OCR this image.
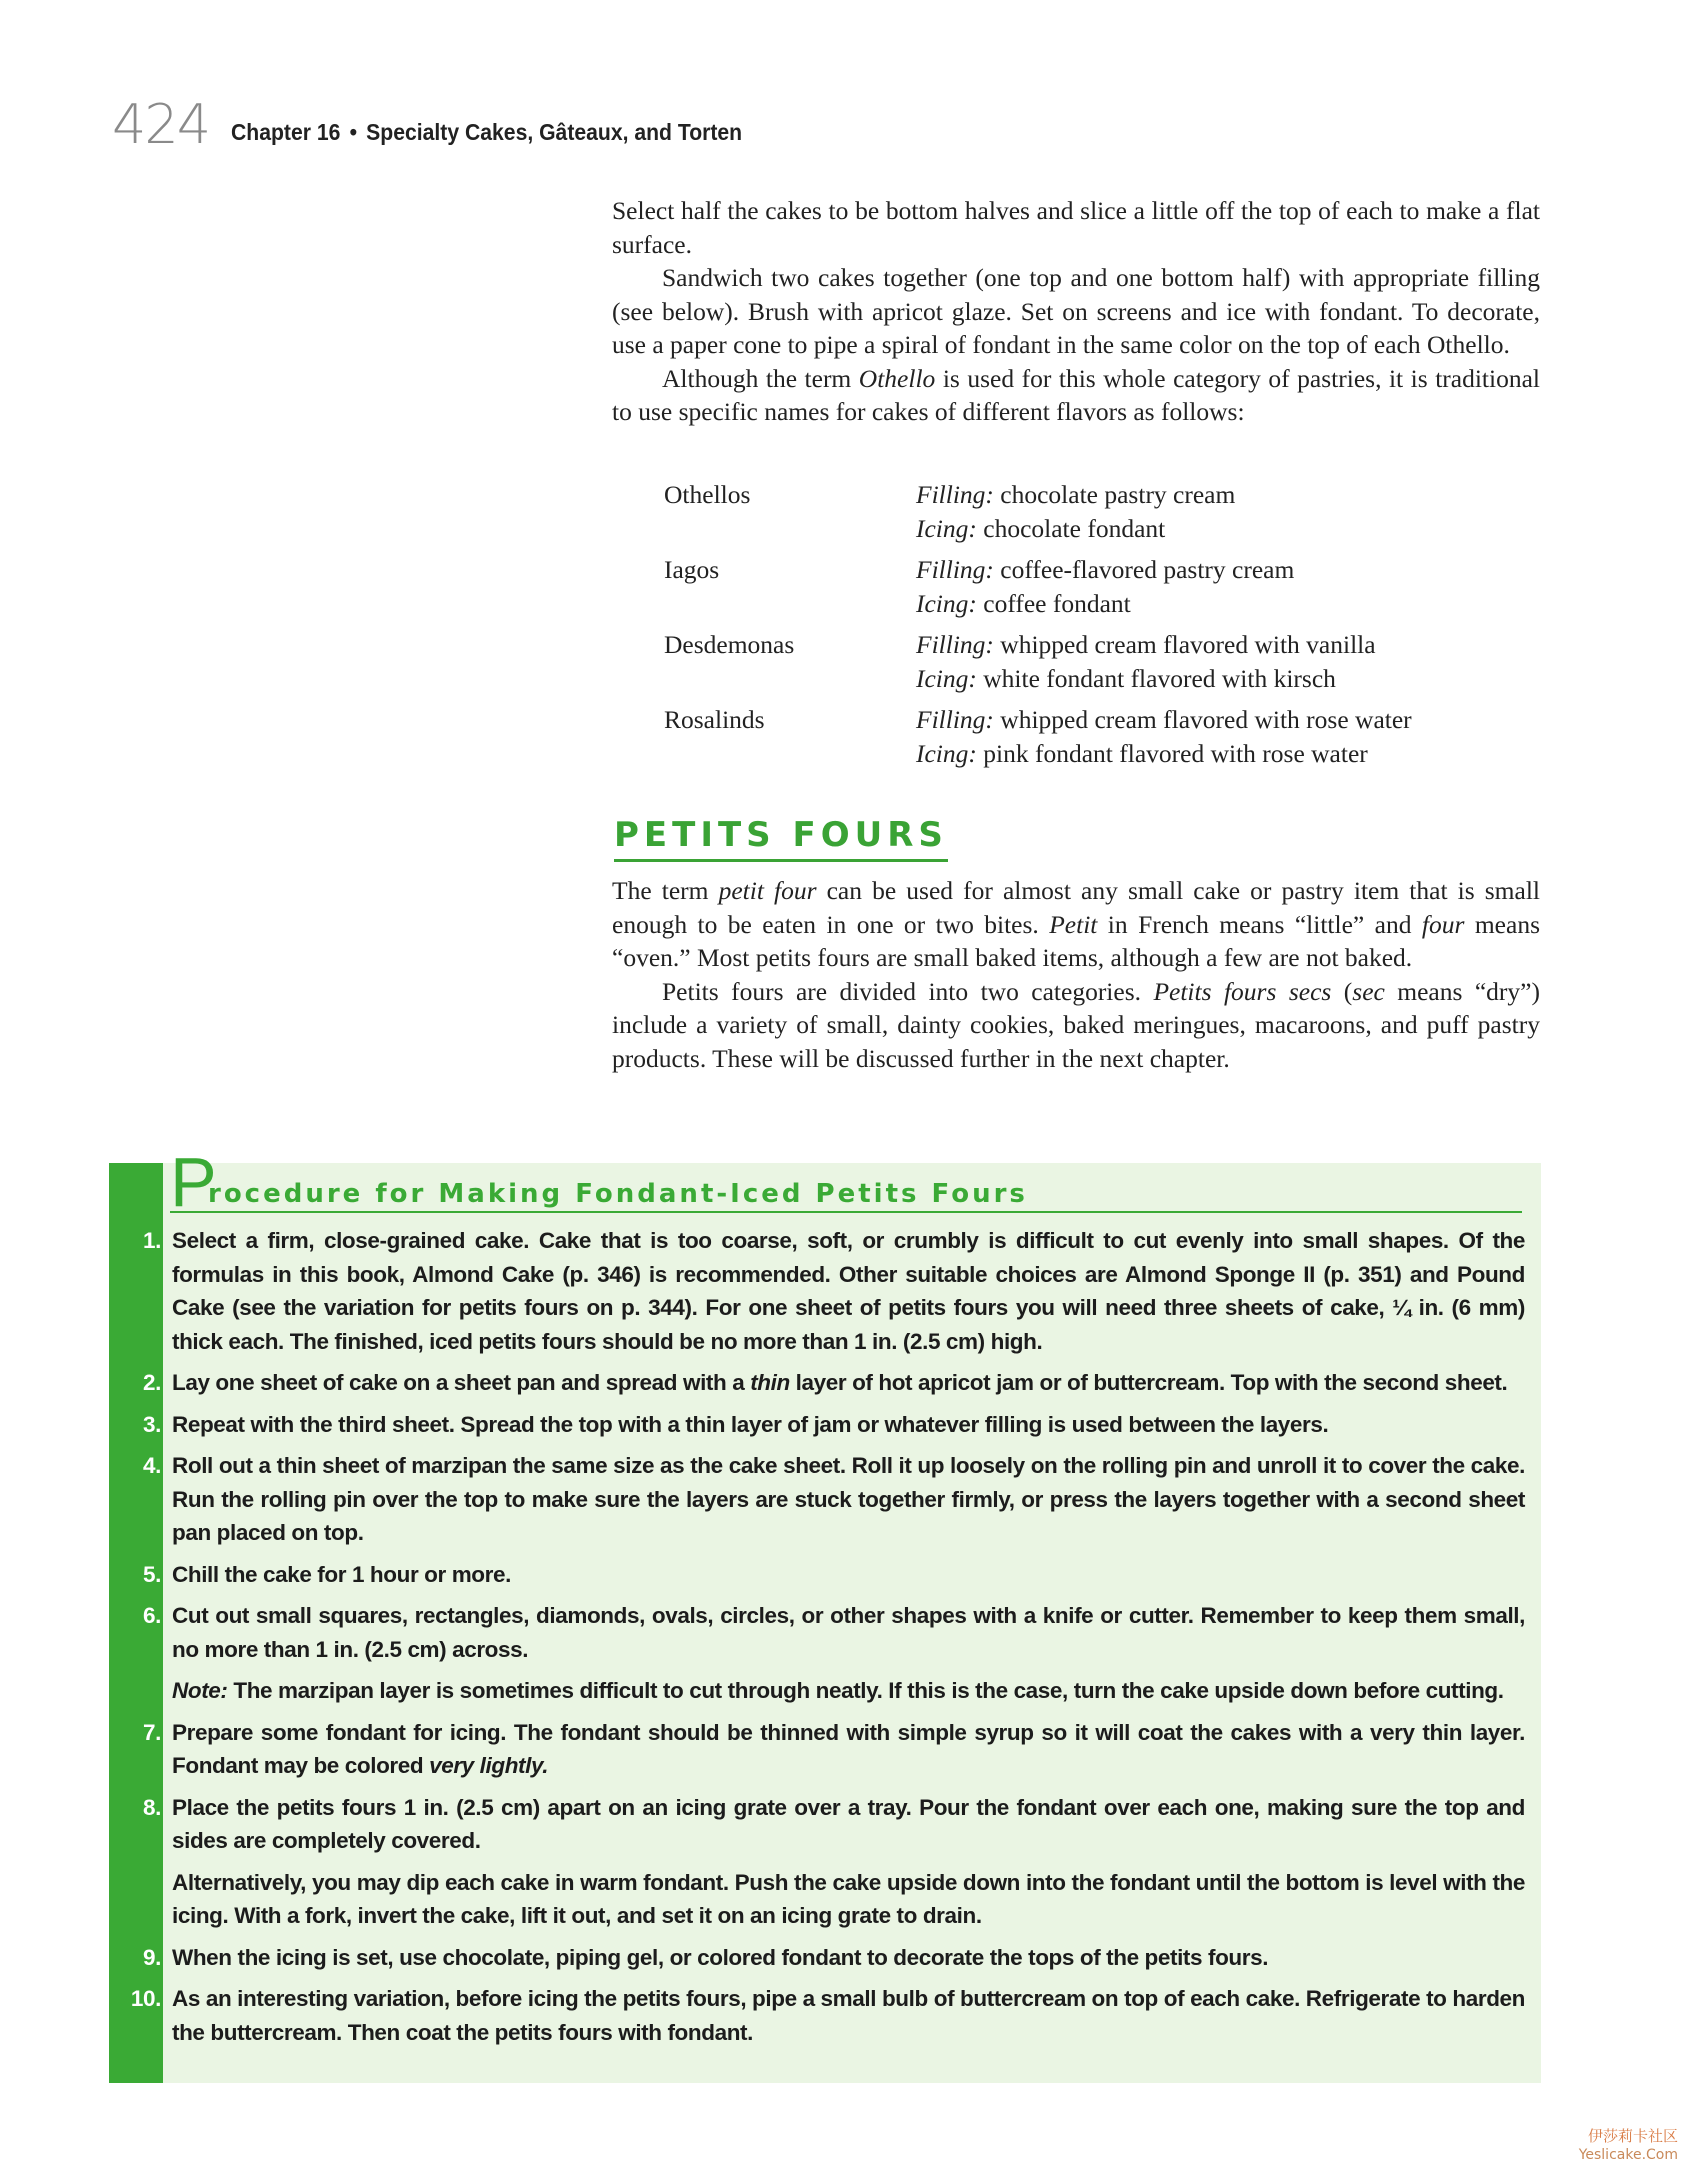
424 Chapter 16 • Specialty Cakes, Gâteaux, and Torten

Select half the cakes to be bottom halves and slice a little off the top of each to make a flat surface.

Sandwich two cakes together (one top and one bottom half) with appropriate filling (see below). Brush with apricot glaze. Set on screens and ice with fondant. To decorate, use a paper cone to pipe a spiral of fondant in the same color on the top of each Othello.

Although the term Othello is used for this whole category of pastries, it is traditional to use specific names for cakes of different flavors as follows:

Othellos	Filling: chocolate pastry cream
Icing: chocolate fondant
Iagos	Filling: coffee-flavored pastry cream
Icing: coffee fondant
Desdemonas	Filling: whipped cream flavored with vanilla
Icing: white fondant flavored with kirsch
Rosalinds	Filling: whipped cream flavored with rose water
Icing: pink fondant flavored with rose water
PETITS FOURS

The term petit four can be used for almost any small cake or pastry item that is small enough to be eaten in one or two bites. Petit in French means “little” and four means “oven.” Most petits fours are small baked items, although a few are not baked.

Petits fours are divided into two categories. Petits fours secs (sec means “dry”) include a variety of small, dainty cookies, baked meringues, macaroons, and puff pastry products. These will be discussed further in the next chapter.

P
rocedure for Making Fondant-Iced Petits Fours
1. Select a firm, close-grained cake. Cake that is too coarse, soft, or crumbly is difficult to cut evenly into small shapes. Of the formulas in this book, Almond Cake (p. 346) is recommended. Other suitable choices are Almond Sponge II (p. 351) and Pound Cake (see the variation for petits fours on p. 344). For one sheet of petits fours you will need three sheets of cake, ¼ in. (6 mm) thick each. The finished, iced petits fours should be no more than 1 in. (2.5 cm) high.
2. Lay one sheet of cake on a sheet pan and spread with a thin layer of hot apricot jam or of buttercream. Top with the second sheet.
3. Repeat with the third sheet. Spread the top with a thin layer of jam or whatever filling is used between the layers.
4. Roll out a thin sheet of marzipan the same size as the cake sheet. Roll it up loosely on the rolling pin and unroll it to cover the cake. Run the rolling pin over the top to make sure the layers are stuck together firmly, or press the layers together with a second sheet pan placed on top.
5. Chill the cake for 1 hour or more.
6. Cut out small squares, rectangles, diamonds, ovals, circles, or other shapes with a knife or cutter. Remember to keep them small, no more than 1 in. (2.5 cm) across.
Note: The marzipan layer is sometimes difficult to cut through neatly. If this is the case, turn the cake upside down before cutting.
7. Prepare some fondant for icing. The fondant should be thinned with simple syrup so it will coat the cakes with a very thin layer. Fondant may be colored very lightly.
8. Place the petits fours 1 in. (2.5 cm) apart on an icing grate over a tray. Pour the fondant over each one, making sure the top and sides are completely covered.
Alternatively, you may dip each cake in warm fondant. Push the cake upside down into the fondant until the bottom is level with the icing. With a fork, invert the cake, lift it out, and set it on an icing grate to drain.
9. When the icing is set, use chocolate, piping gel, or colored fondant to decorate the tops of the petits fours.
10. As an interesting variation, before icing the petits fours, pipe a small bulb of buttercream on top of each cake. Refrigerate to harden the buttercream. Then coat the petits fours with fondant.
伊莎莉卡社区
Yeslicake.Com
